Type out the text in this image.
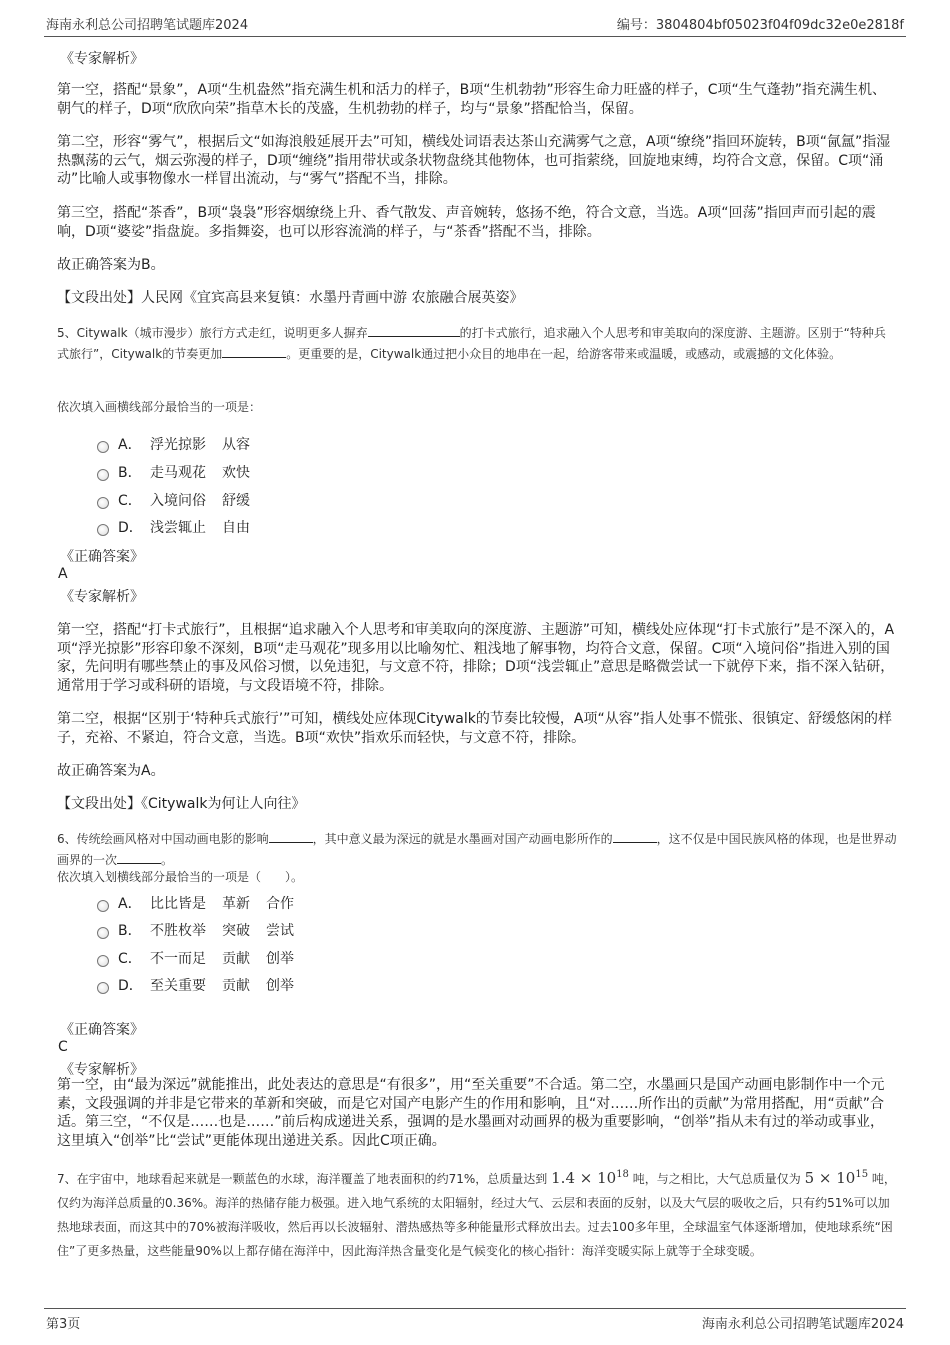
海南永利总公司招聘笔试题库2024	编号：3804804bf05023f04f09dc32e0e2818f
《专家解析》

第一空，搭配“景象”，A项“生机盎然”指充满生机和活力的样子，B项“生机勃勃”形容生命力旺盛的样子，C项“生气蓬勃”指充满生机、朝气的样子，D项“欣欣向荣”指草木长的茂盛，生机勃勃的样子，均与“景象”搭配恰当，保留。

第二空，形容“雾气”，根据后文“如海浪般延展开去”可知，横线处词语表达茶山充满雾气之意，A项“缭绕”指回环旋转，B项“氤氲”指湿热飘荡的云气，烟云弥漫的样子，D项“缠绕”指用带状或条状物盘绕其他物体，也可指萦绕，回旋地束缚，均符合文意，保留。C项“涌动”比喻人或事物像水一样冒出流动，与“雾气”搭配不当，排除。

第三空，搭配“茶香”，B项“袅袅”形容烟缭绕上升、香气散发、声音婉转，悠扬不绝，符合文意，当选。A项“回荡”指回声而引起的震响，D项“婆娑”指盘旋。多指舞姿，也可以形容流淌的样子，与“茶香”搭配不当，排除。

故正确答案为B。

【文段出处】人民网《宜宾高县来复镇：水墨丹青画中游 农旅融合展英姿》

5、Citywalk（城市漫步）旅行方式走红，说明更多人摒弃	的打卡式旅行，追求融入个人思考和审美取向的深度游、主题游。区别于“特种兵式旅行”，Citywalk的节奏更加	。更重要的是，Citywalk通过把小众目的地串在一起，给游客带来或温暖，或感动，或震撼的文化体验。

依次填入画横线部分最恰当的一项是：

A． 浮光掠影 从容
B． 走马观花 欢快
C． 入境问俗 舒缓
D． 浅尝辄止 自由
《正确答案》
A
《专家解析》

第一空，搭配“打卡式旅行”，且根据“追求融入个人思考和审美取向的深度游、主题游”可知，横线处应体现“打卡式旅行”是不深入的，A项“浮光掠影”形容印象不深刻，B项“走马观花”现多用以比喻匆忙、粗浅地了解事物，均符合文意，保留。C项“入境问俗”指进入别的国家，先问明有哪些禁止的事及风俗习惯，以免违犯，与文意不符，排除；D项“浅尝辄止”意思是略微尝试一下就停下来，指不深入钻研，通常用于学习或科研的语境，与文段语境不符，排除。

第二空，根据“区别于‘特种兵式旅行’”可知，横线处应体现Citywalk的节奏比较慢，A项“从容”指人处事不慌张、很镇定、舒缓悠闲的样子，充裕、不紧迫，符合文意，当选。B项“欢快”指欢乐而轻快，与文意不符，排除。

故正确答案为A。

【文段出处】《Citywalk为何让人向往》

6、传统绘画风格对中国动画电影的影响	，其中意义最为深远的就是水墨画对国产动画电影所作的	，这不仅是中国民族风格的体现，也是世界动画界的一次	。

依次填入划横线部分最恰当的一项是（　　）。

A． 比比皆是 革新 合作
B． 不胜枚举 突破 尝试
C． 不一而足 贡献 创举
D． 至关重要 贡献 创举
《正确答案》
C
《专家解析》

第一空，由“最为深远”就能推出，此处表达的意思是“有很多”，用“至关重要”不合适。第二空，水墨画只是国产动画电影制作中一个元素，文段强调的并非是它带来的革新和突破，而是它对国产电影产生的作用和影响，且“对……所作出的贡献”为常用搭配，用“贡献”合适。第三空，“不仅是……也是……”前后构成递进关系，强调的是水墨画对动画界的极为重要影响，“创举”指从未有过的举动或事业，这里填入“创举”比“尝试”更能体现出递进关系。因此C项正确。

7、在宇宙中，地球看起来就是一颗蓝色的水球，海洋覆盖了地表面积的约71%，总质量达到 $1.4 \times 10^{18}$ 吨，与之相比，大气总质量仅为 $5 \times 10^{15}$ 吨，仅约为海洋总质量的0.36%。海洋的热储存能力极强。进入地气系统的太阳辐射，经过大气、云层和表面的反射，以及大气层的吸收之后，只有约51%可以加热地球表面，而这其中的70%被海洋吸收，然后再以长波辐射、潜热感热等多种能量形式释放出去。过去100多年里，全球温室气体逐渐增加，使地球系统“困住”了更多热量，这些能量90%以上都存储在海洋中，因此海洋热含量变化是气候变化的核心指针：海洋变暖实际上就等于全球变暖。

第3页	海南永利总公司招聘笔试题库2024
